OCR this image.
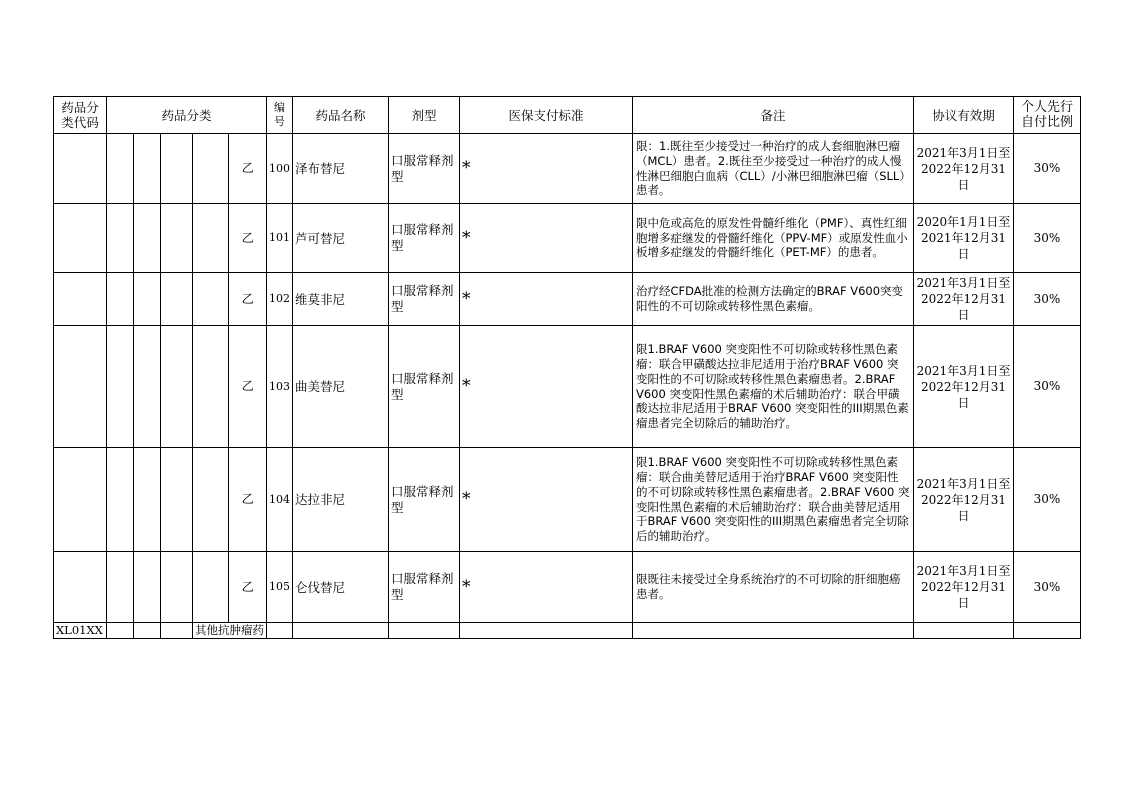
药品分类代码	药品分类					编号	药品名称	剂型	医保支付标准	备注	协议有效期	个人先行自付比例
					乙	100	泽布替尼	口服常释剂型	*	限：1.既往至少接受过一种治疗的成人套细胞淋巴瘤（MCL）患者。2.既往至少接受过一种治疗的成人慢性淋巴细胞白血病（CLL）/小淋巴细胞淋巴瘤（SLL）患者。	2021年3月1日至2022年12月31日	30%
					乙	101	芦可替尼	口服常释剂型	*	限中危或高危的原发性骨髓纤维化（PMF）、真性红细胞增多症继发的骨髓纤维化（PPV-MF）或原发性血小板增多症继发的骨髓纤维化（PET-MF）的患者。	2020年1月1日至2021年12月31日	30%
					乙	102	维莫非尼	口服常释剂型	*	治疗经CFDA批准的检测方法确定的BRAF V600突变阳性的不可切除或转移性黑色素瘤。	2021年3月1日至2022年12月31日	30%
					乙	103	曲美替尼	口服常释剂型	*	限1.BRAF V600 突变阳性不可切除或转移性黑色素瘤：联合甲磺酸达拉非尼适用于治疗BRAF V600 突变阳性的不可切除或转移性黑色素瘤患者。2.BRAF V600 突变阳性黑色素瘤的术后辅助治疗：联合甲磺酸达拉非尼适用于BRAF V600 突变阳性的III期黑色素瘤患者完全切除后的辅助治疗。	2021年3月1日至2022年12月31日	30%
					乙	104	达拉非尼	口服常释剂型	*	限1.BRAF V600 突变阳性不可切除或转移性黑色素瘤：联合曲美替尼适用于治疗BRAF V600 突变阳性的不可切除或转移性黑色素瘤患者。2.BRAF V600 突变阳性黑色素瘤的术后辅助治疗：联合曲美替尼适用于BRAF V600 突变阳性的III期黑色素瘤患者完全切除后的辅助治疗。	2021年3月1日至2022年12月31日	30%
					乙	105	仑伐替尼	口服常释剂型	*	限既往未接受过全身系统治疗的不可切除的肝细胞癌患者。	2021年3月1日至2022年12月31日	30%
XL01XX				其他抗肿瘤药								
